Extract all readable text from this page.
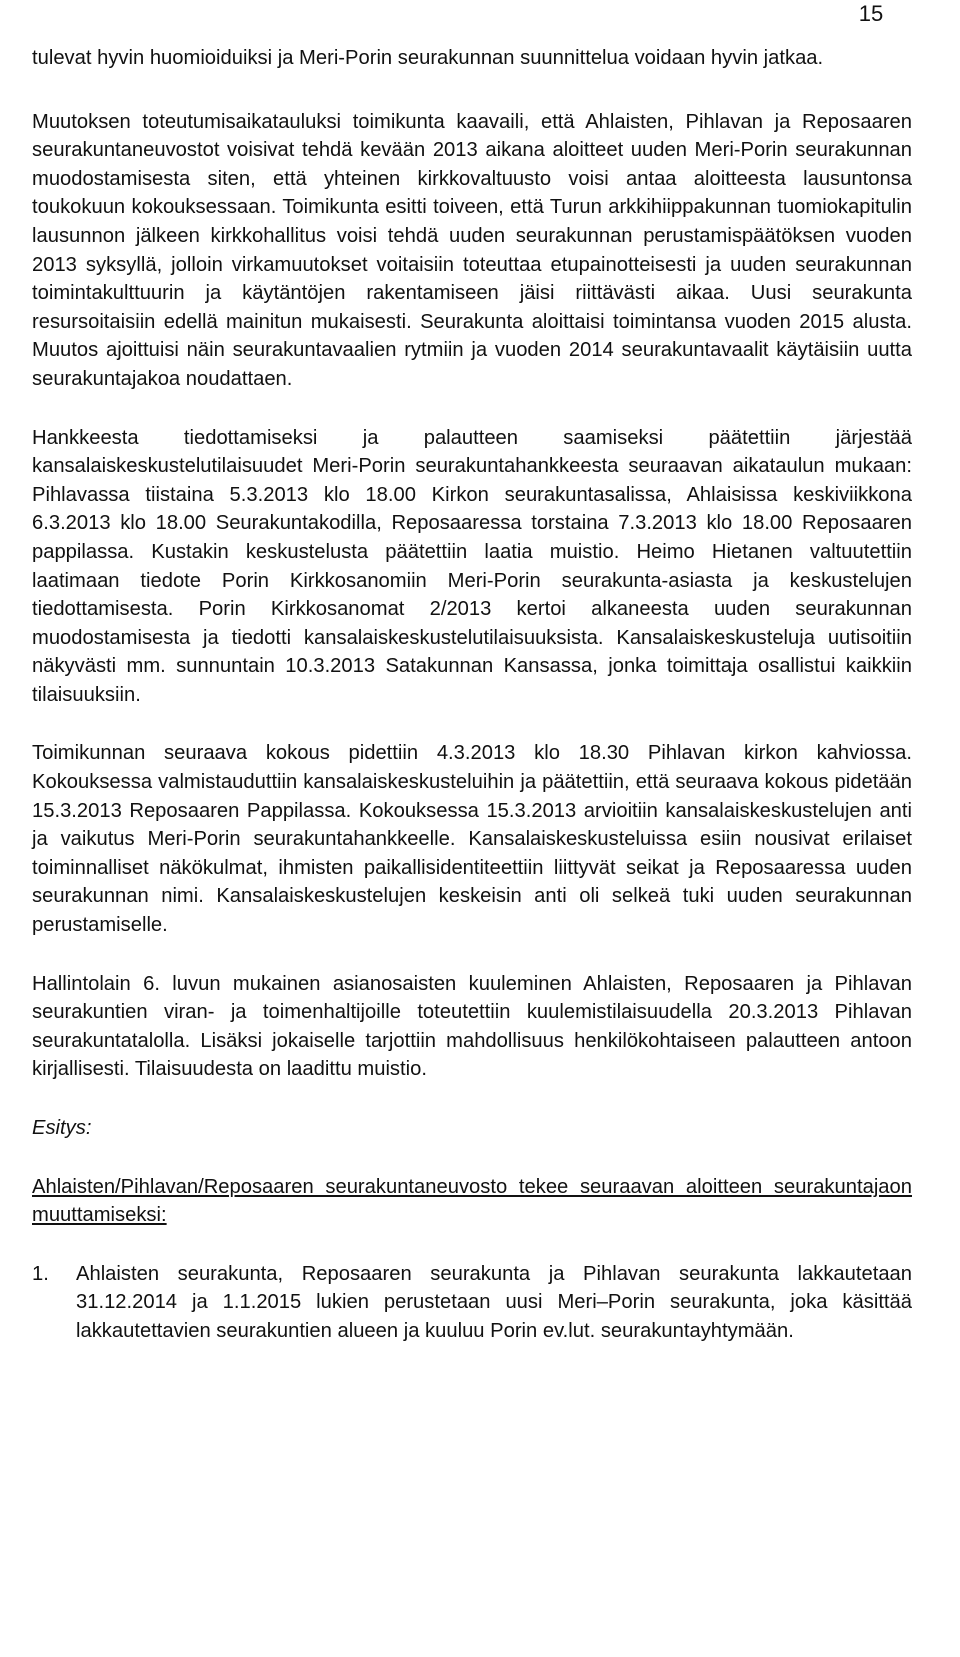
15

tulevat hyvin huomioiduiksi ja Meri-Porin seurakunnan suunnittelua voidaan hyvin jatkaa.

Muutoksen toteutumisaikatauluksi toimikunta kaavaili, että Ahlaisten, Pihlavan ja Reposaaren seurakuntaneuvostot voisivat tehdä kevään 2013 aikana aloitteet uuden Meri-Porin seurakunnan muodostamisesta siten, että yhteinen kirkkovaltuusto voisi antaa aloitteesta lausuntonsa toukokuun kokouksessaan. Toimikunta esitti toiveen, että Turun arkkihiippakunnan tuomiokapitulin lausunnon jälkeen kirkkohallitus voisi tehdä uuden seurakunnan perustamispäätöksen vuoden 2013 syksyllä, jolloin virkamuutokset voitaisiin toteuttaa etupainotteisesti ja uuden seurakunnan toimintakulttuurin ja käytäntöjen rakentamiseen jäisi riittävästi aikaa. Uusi seurakunta resursoitaisiin edellä mainitun mukaisesti. Seurakunta aloittaisi toimintansa vuoden 2015 alusta. Muutos ajoittuisi näin seurakuntavaalien rytmiin ja vuoden 2014 seurakuntavaalit käytäisiin uutta seurakuntajakoa noudattaen.

Hankkeesta tiedottamiseksi ja palautteen saamiseksi päätettiin järjestää kansalaiskeskustelutilaisuudet Meri-Porin seurakuntahankkeesta seuraavan aikataulun mukaan: Pihlavassa tiistaina 5.3.2013 klo 18.00 Kirkon seurakuntasalissa, Ahlaisissa keskiviikkona 6.3.2013 klo 18.00 Seurakuntakodilla, Reposaaressa torstaina 7.3.2013 klo 18.00 Reposaaren pappilassa. Kustakin keskustelusta päätettiin laatia muistio. Heimo Hietanen valtuutettiin laatimaan tiedote Porin Kirkkosanomiin Meri-Porin seurakunta-asiasta ja keskustelujen tiedottamisesta. Porin Kirkkosanomat 2/2013 kertoi alkaneesta uuden seurakunnan muodostamisesta ja tiedotti kansalaiskeskustelutilaisuuksista. Kansalaiskeskusteluja uutisoitiin näkyvästi mm. sunnuntain 10.3.2013 Satakunnan Kansassa, jonka toimittaja osallistui kaikkiin tilaisuuksiin.

Toimikunnan seuraava kokous pidettiin 4.3.2013 klo 18.30 Pihlavan kirkon kahviossa. Kokouksessa valmistauduttiin kansalaiskeskusteluihin ja päätettiin, että seuraava kokous pidetään 15.3.2013 Reposaaren Pappilassa. Kokouksessa 15.3.2013 arvioitiin kansalaiskeskustelujen anti ja vaikutus Meri-Porin seurakuntahankkeelle. Kansalaiskeskusteluissa esiin nousivat erilaiset toiminnalliset näkökulmat, ihmisten paikallisidentiteettiin liittyvät seikat ja Reposaaressa uuden seurakunnan nimi. Kansalaiskeskustelujen keskeisin anti oli selkeä tuki uuden seurakunnan perustamiselle.

Hallintolain 6. luvun mukainen asianosaisten kuuleminen Ahlaisten, Reposaaren ja Pihlavan seurakuntien viran- ja toimenhaltijoille toteutettiin kuulemistilaisuudella 20.3.2013 Pihlavan seurakuntatalolla. Lisäksi jokaiselle tarjottiin mahdollisuus henkilökohtaiseen palautteen antoon kirjallisesti. Tilaisuudesta on laadittu muistio.

Esitys:

Ahlaisten/Pihlavan/Reposaaren seurakuntaneuvosto tekee seuraavan aloitteen seurakuntajaon muuttamiseksi:

1.	Ahlaisten seurakunta, Reposaaren seurakunta ja Pihlavan seurakunta lakkautetaan 31.12.2014 ja 1.1.2015 lukien perustetaan uusi Meri–Porin seurakunta, joka käsittää lakkautettavien seurakuntien alueen ja kuuluu Porin ev.lut. seurakuntayhtymään.
